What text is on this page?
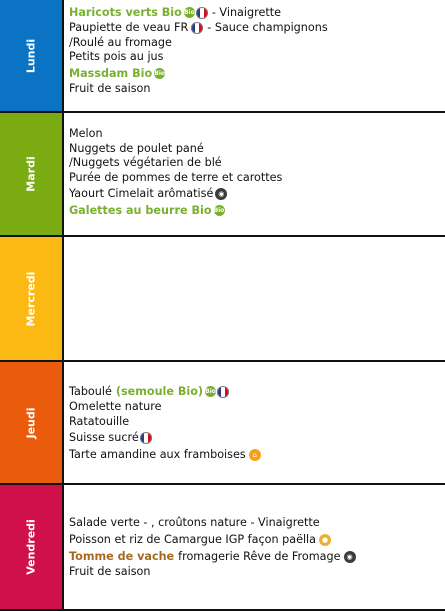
Lundi
Haricots verts Bio Bio - Vinaigrette
Paupiette de veau FR - Sauce champignons
/Roulé au fromage
Petits pois au jus
Massdam Bio Bio
Fruit de saison
Mardi
Melon
Nuggets de poulet pané
/Nuggets végétarien de blé
Purée de pommes de terre et carottes
Yaourt Cimelait arômatisé ◉
Galettes au beurre Bio Bio
Mercredi
Jeudi
Taboulé (semoule Bio) Bio
Omelette nature
Ratatouille
Suisse sucré
Tarte amandine aux framboises ⌂
Vendredi	Salade verte - , croûtons nature - Vinaigrette
Poisson et riz de Camargue IGP façon paëlla ●
Tomme de vache fromagerie Rêve de Fromage ◉
Fruit de saison
